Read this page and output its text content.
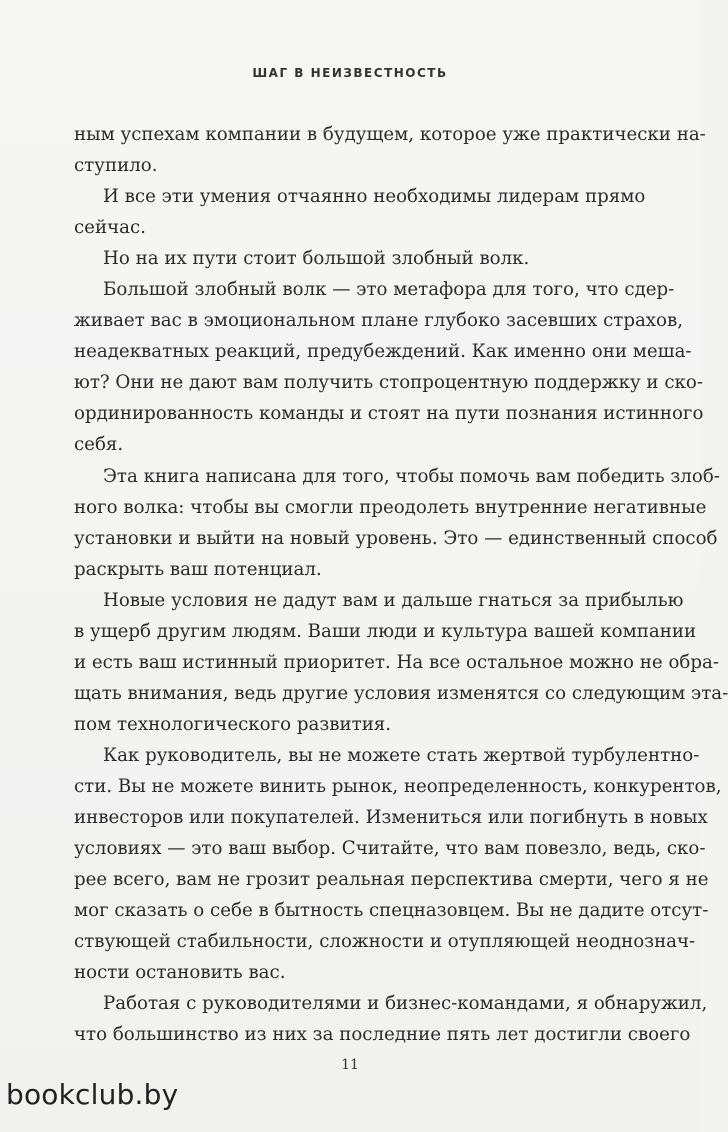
ШАГ В НЕИЗВЕСТНОСТЬ
ным успехам компании в будущем, которое уже практически на-
ступило.
И все эти умения отчаянно необходимы лидерам прямо
сейчас.
Но на их пути стоит большой злобный волк.
Большой злобный волк — это метафора для того, что сдер-
живает вас в эмоциональном плане глубоко засевших страхов,
неадекватных реакций, предубеждений. Как именно они меша-
ют? Они не дают вам получить стопроцентную поддержку и ско-
ординированность команды и стоят на пути познания истинного
себя.
Эта книга написана для того, чтобы помочь вам победить злоб-
ного волка: чтобы вы смогли преодолеть внутренние негативные
установки и выйти на новый уровень. Это — единственный способ
раскрыть ваш потенциал.
Новые условия не дадут вам и дальше гнаться за прибылью
в ущерб другим людям. Ваши люди и культура вашей компании
и есть ваш истинный приоритет. На все остальное можно не обра-
щать внимания, ведь другие условия изменятся со следующим эта-
пом технологического развития.
Как руководитель, вы не можете стать жертвой турбулентно-
сти. Вы не можете винить рынок, неопределенность, конкурентов,
инвесторов или покупателей. Измениться или погибнуть в новых
условиях — это ваш выбор. Считайте, что вам повезло, ведь, ско-
рее всего, вам не грозит реальная перспектива смерти, чего я не
мог сказать о себе в бытность спецназовцем. Вы не дадите отсут-
ствующей стабильности, сложности и отупляющей неоднознач-
ности остановить вас.
Работая с руководителями и бизнес-командами, я обнаружил,
что большинство из них за последние пять лет достигли своего
11
bookclub.by
